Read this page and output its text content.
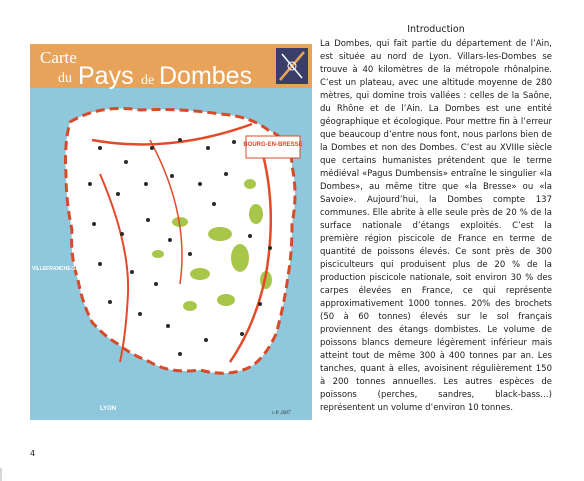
Carte
du Pays de Dombes
BOURG-EN-BRESSE
VILLEFRANCHE-SUR-SAÔNE
LYON
c.P. 2007
Introduction

La Dombes, qui fait partie du département de l’Ain, est située au nord de Lyon. Villars-les-Dombes se trouve à 40 kilomètres de la métropole rhônalpine. C’est un plateau, avec une altitude moyenne de 280 mètres, qui domine trois vallées : celles de la Saône, du Rhône et de l’Ain. La Dombes est une entité géographique et écologique. Pour mettre fin à l’erreur que beaucoup d’entre nous font, nous parlons bien de la Dombes et non des Dombes. C’est au XVIIIe siècle que certains humanistes prétendent que le terme médiéval «Pagus Dumbensis» entraîne le singulier «la Dombes», au même titre que «la Bresse» ou «la Savoie». Aujourd’hui, la Dombes compte 137 communes. Elle abrite à elle seule près de 20 % de la surface nationale d’étangs exploités. C’est la première région piscicole de France en terme de quantité de poissons élevés. Ce sont près de 300 pisciculteurs qui produisent plus de 20 % de la production piscicole nationale, soit environ 30 % des carpes élevées en France, ce qui représente approximativement 1000 tonnes. 20% des brochets (50 à 60 tonnes) élevés sur le sol français proviennent des étangs dombistes. Le volume de poissons blancs demeure légèrement inférieur mais atteint tout de même 300 à 400 tonnes par an. Les tanches, quant à elles, avoisinent régulièrement 150 à 200 tonnes annuelles. Les autres espèces de poissons (perches, sandres, black-bass…) représentent un volume d’environ 10 tonnes.

4
